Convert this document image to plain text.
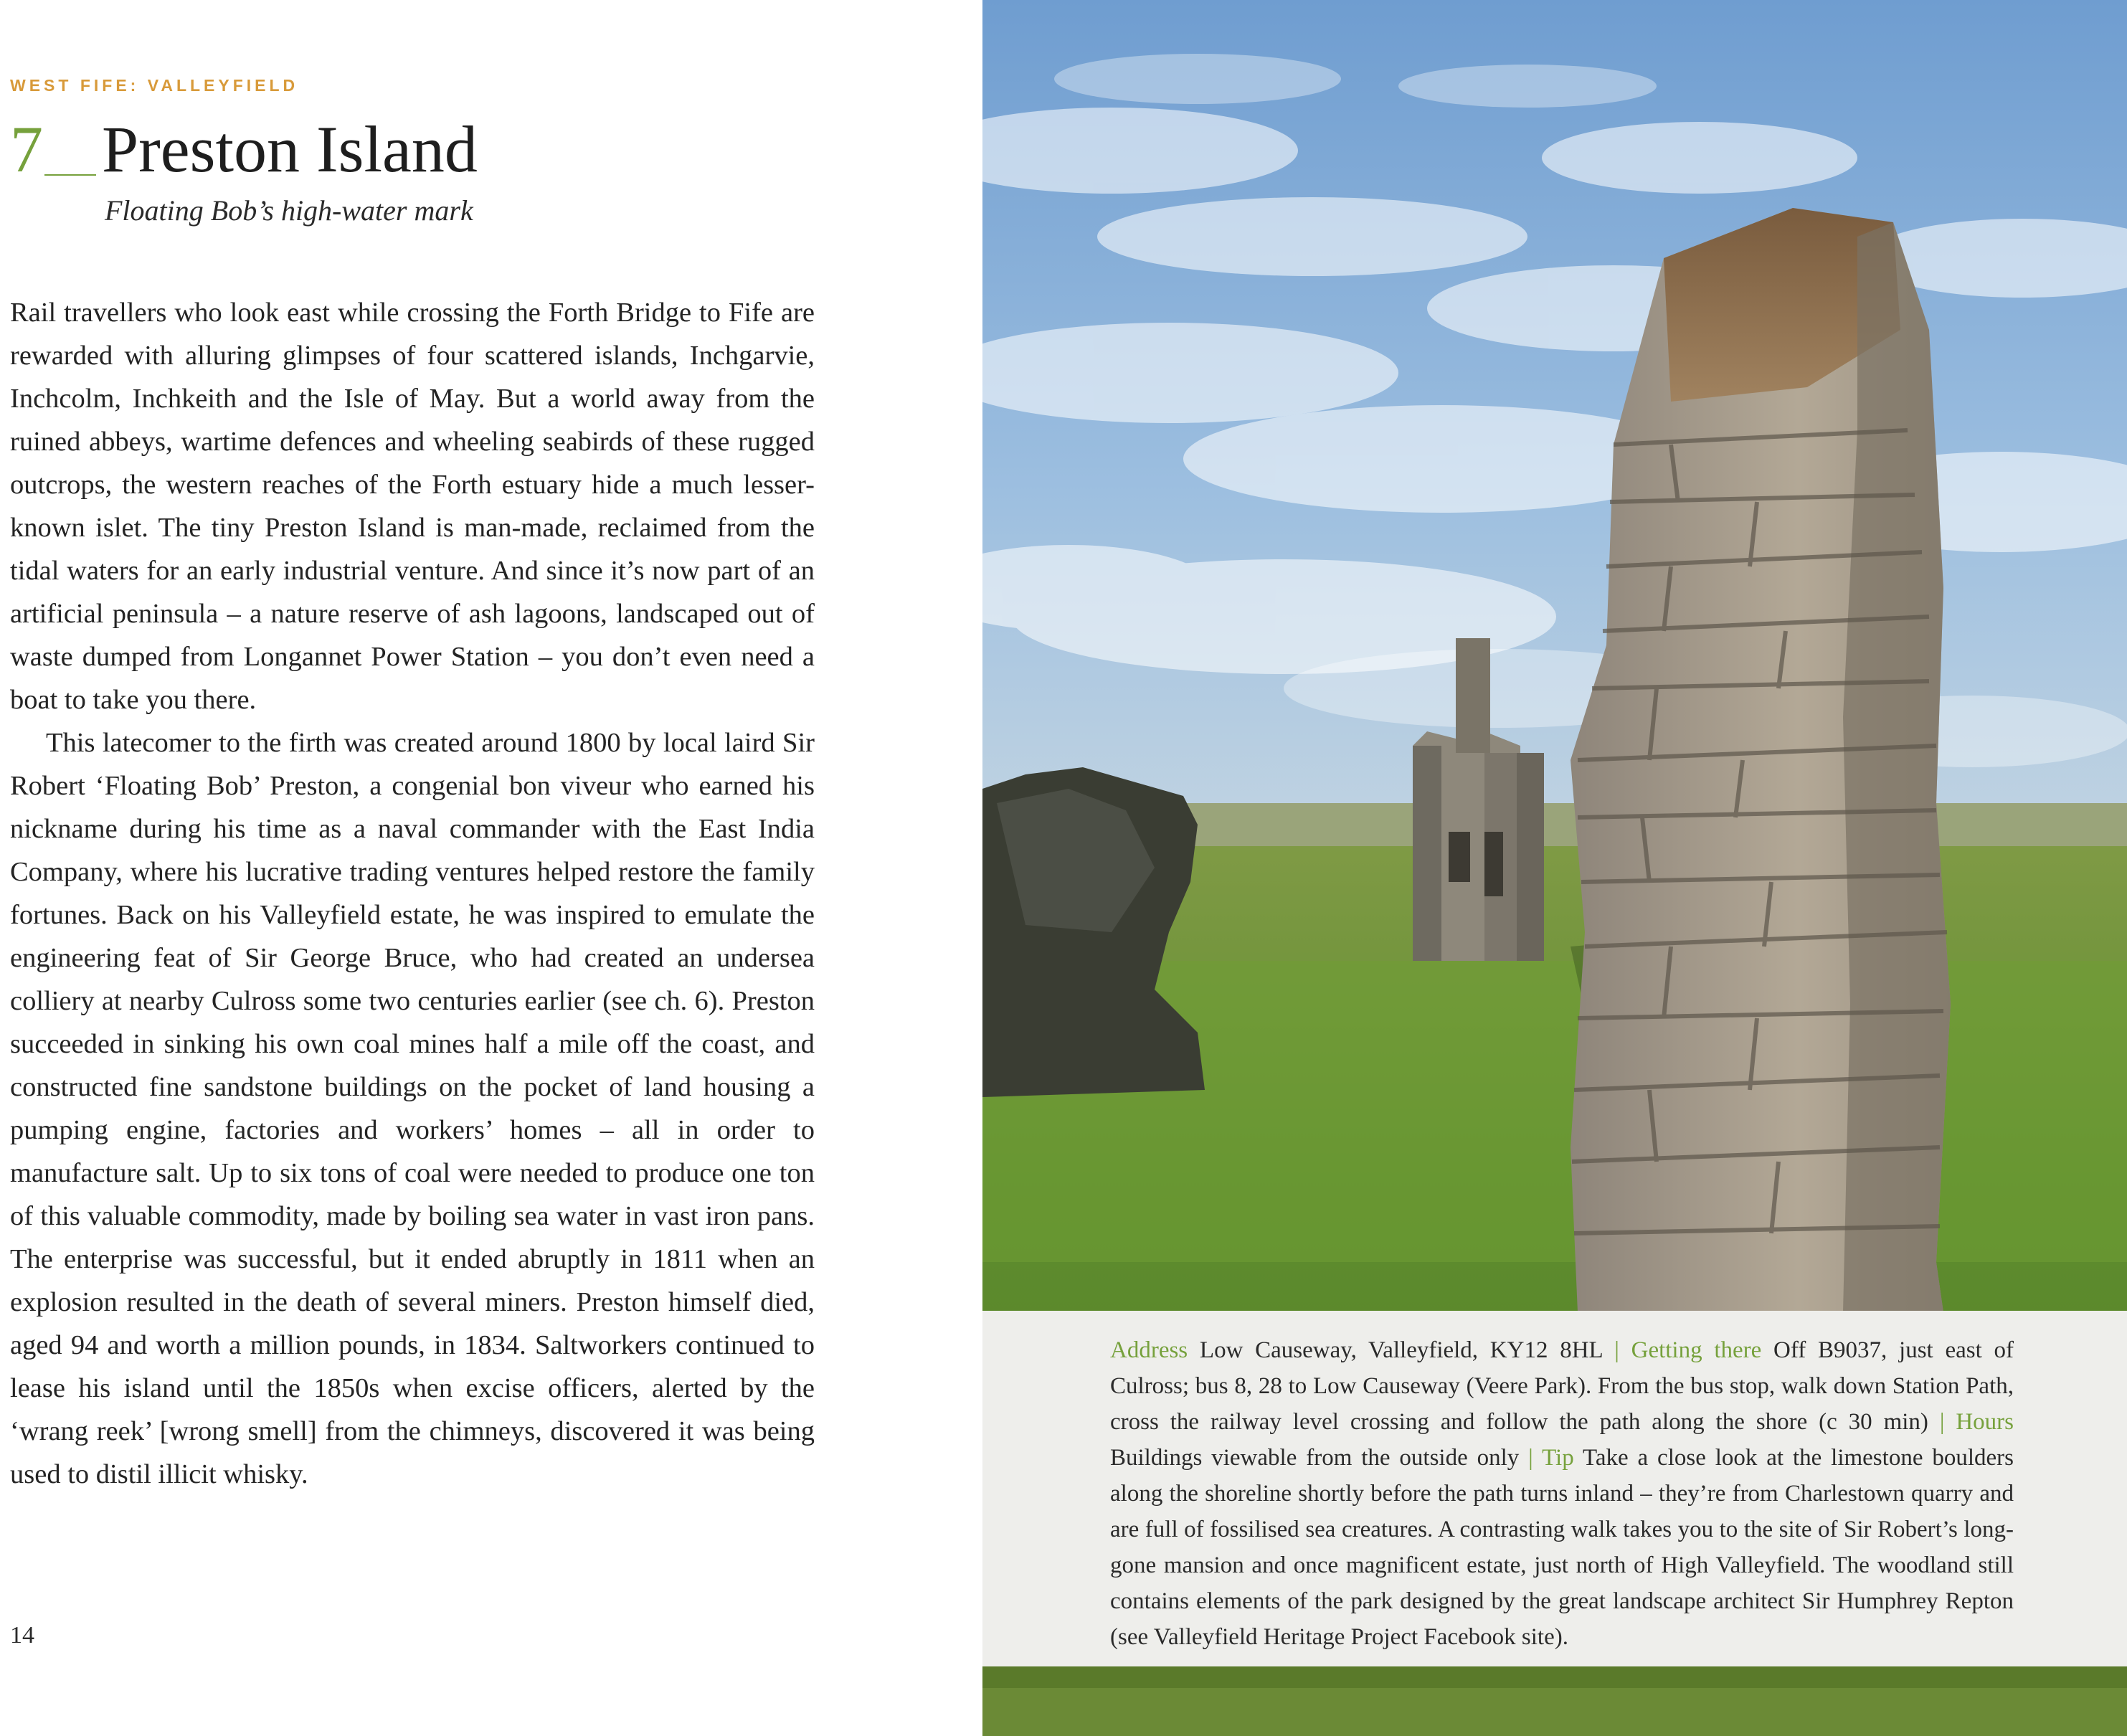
WEST FIFE: VALLEYFIELD
7 Preston Island
Floating Bob’s high-water mark

Rail travellers who look east while crossing the Forth Bridge to Fife are rewarded with alluring glimpses of four scattered islands, Inchgarvie, Inchcolm, Inchkeith and the Isle of May. But a world away from the ruined abbeys, wartime defences and wheeling seabirds of these rugged outcrops, the western reaches of the Forth estuary hide a much lesser-known islet. The tiny Preston Island is man-made, reclaimed from the tidal waters for an early industrial venture. And since it’s now part of an artificial peninsula – a nature reserve of ash lagoons, landscaped out of waste dumped from Longannet Power Station – you don’t even need a boat to take you there.

This latecomer to the firth was created around 1800 by local laird Sir Robert ‘Floating Bob’ Preston, a congenial bon viveur who earned his nickname during his time as a naval commander with the East India Company, where his lucrative trading ventures helped restore the family fortunes. Back on his Valleyfield estate, he was inspired to emulate the engineering feat of Sir George Bruce, who had created an undersea colliery at nearby Culross some two centuries earlier (see ch. 6). Preston succeeded in sinking his own coal mines half a mile off the coast, and constructed fine sandstone buildings on the pocket of land housing a pumping engine, factories and workers’ homes – all in order to manufacture salt. Up to six tons of coal were needed to produce one ton of this valuable commodity, made by boiling sea water in vast iron pans. The enterprise was successful, but it ended abruptly in 1811 when an explosion resulted in the death of several miners. Preston himself died, aged 94 and worth a million pounds, in 1834. Saltworkers continued to lease his island until the 1850s when excise officers, alerted by the ‘wrang reek’ [wrong smell] from the chimneys, discovered it was being used to distil illicit whisky.

14
Address Low Causeway, Valleyfield, KY12 8HL | Getting there Off B9037, just east of Culross; bus 8, 28 to Low Causeway (Veere Park). From the bus stop, walk down Station Path, cross the railway level crossing and follow the path along the shore (c 30 min) | Hours Buildings viewable from the outside only | Tip Take a close look at the limestone boulders along the shoreline shortly before the path turns inland – they’re from Charlestown quarry and are full of fossilised sea creatures. A contrasting walk takes you to the site of Sir Robert’s long-gone mansion and once magnificent estate, just north of High Valleyfield. The woodland still contains elements of the park designed by the great landscape architect Sir Humphrey Repton (see Valleyfield Heritage Project Facebook site).
